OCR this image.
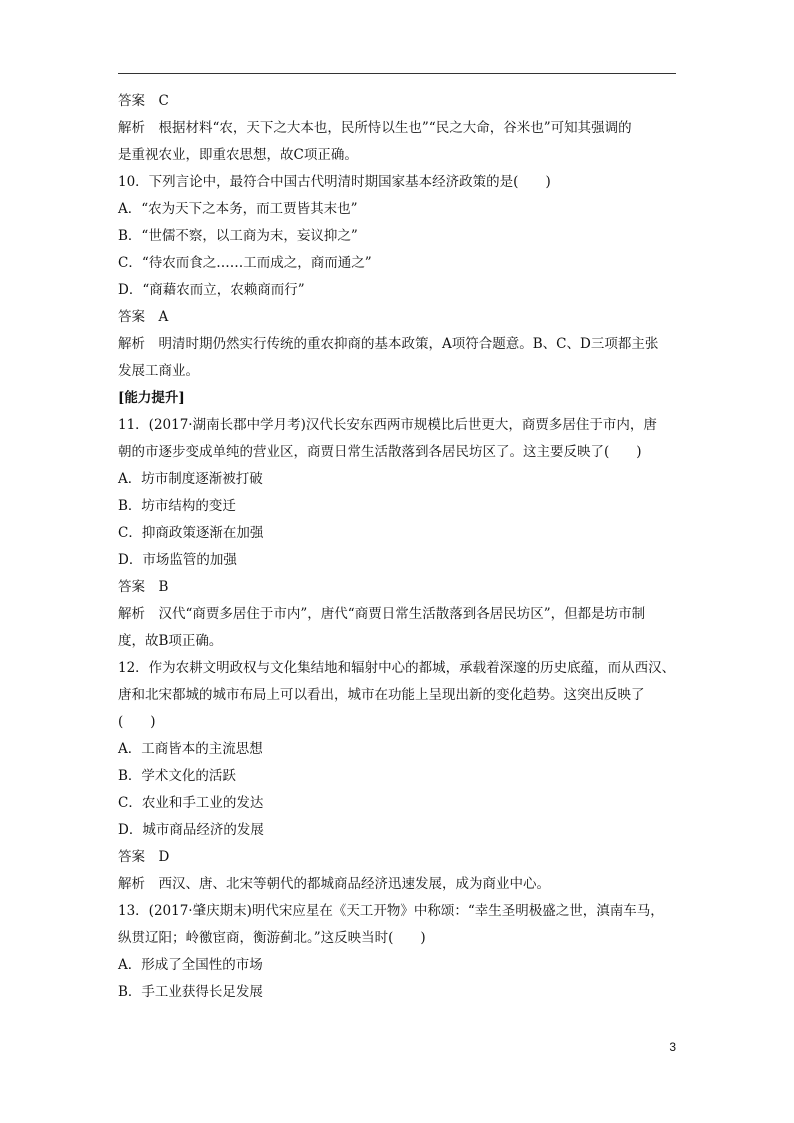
答案　C
解析　根据材料“农，天下之大本也，民所恃以生也”“民之大命，谷米也”可知其强调的
是重视农业，即重农思想，故C项正确。
10．下列言论中，最符合中国古代明清时期国家基本经济政策的是(　　)
A．“农为天下之本务，而工贾皆其末也”
B．“世儒不察，以工商为末，妄议抑之”
C．“待农而食之……工而成之，商而通之”
D．“商藉农而立，农赖商而行”
答案　A
解析　明清时期仍然实行传统的重农抑商的基本政策，A项符合题意。B、C、D三项都主张
发展工商业。
[能力提升]
11．(2017·湖南长郡中学月考)汉代长安东西两市规模比后世更大，商贾多居住于市内，唐
朝的市逐步变成单纯的营业区，商贾日常生活散落到各居民坊区了。这主要反映了(　　)
A．坊市制度逐渐被打破
B．坊市结构的变迁
C．抑商政策逐渐在加强
D．市场监管的加强
答案　B
解析　汉代“商贾多居住于市内”，唐代“商贾日常生活散落到各居民坊区”，但都是坊市制
度，故B项正确。
12．作为农耕文明政权与文化集结地和辐射中心的都城，承载着深邃的历史底蕴，而从西汉、
唐和北宋都城的城市布局上可以看出，城市在功能上呈现出新的变化趋势。这突出反映了
(　　)
A．工商皆本的主流思想
B．学术文化的活跃
C．农业和手工业的发达
D．城市商品经济的发展
答案　D
解析　西汉、唐、北宋等朝代的都城商品经济迅速发展，成为商业中心。
13．(2017·肇庆期末)明代宋应星在《天工开物》中称颂：“幸生圣明极盛之世，滇南车马，
纵贯辽阳；岭徼宦商，衡游蓟北。”这反映当时(　　)
A．形成了全国性的市场
B．手工业获得长足发展
3
